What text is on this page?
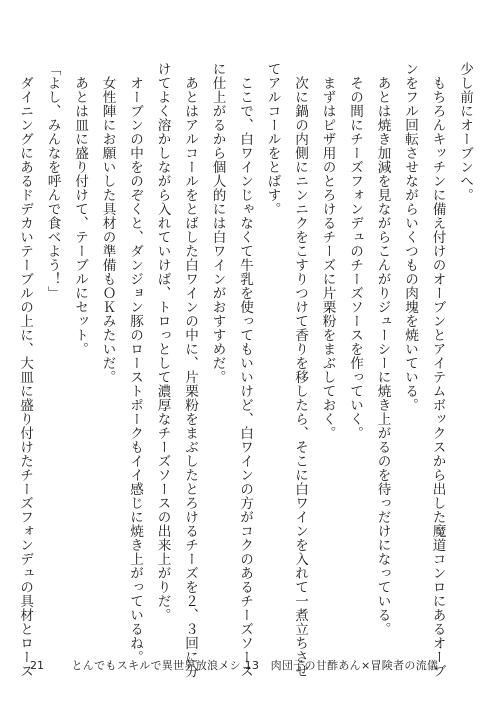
少し前にオーブンへ。
　もちろんキッチンに備え付けのオーブンとアイテムボックスから出した魔道コンロにあるオーブ
ンをフル回転させながらいくつもの肉塊を焼いている。
　あとは焼き加減を見ながらこんがりジューシーに焼き上がるのを待っだけになっている。
　その間にチーズフォンデュのチーズソースを作っていく。
　まずはピザ用のとろけるチーズに片栗粉をまぶしておく。
　次に鍋の内側にニンニクをこすりつけて香りを移したら、そこに白ワインを入れて一煮立ちさせ
てアルコールをとばす。
　ここで、白ワインじゃなくて牛乳を使ってもいいけど、白ワインの方がコクのあるチーズソース
に仕上がるから個人的には白ワインがおすすめだ。
　あとはアルコールをとばした白ワインの中に、片栗粉をまぶしたとろけるチーズを２、３回に分
けてよく溶かしながら入れていけば、トロっとして濃厚なチーズソースの出来上がりだ。
　オーブンの中をのぞくと、ダンジョン豚のローストポークもイイ感じに焼き上がっているね。
　女性陣にお願いした具材の準備もＯＫみたいだ。
　あとは皿に盛り付けて、テーブルにセット。
「よし、みんなを呼んで食べよう！」
　ダイニングにあるドデカいテーブルの上に、大皿に盛り付けたチーズフォンデュの具材とロース
21	とんでもスキルで異世界放浪メシ 13　肉団子の甘酢あん×冒険者の流儀
